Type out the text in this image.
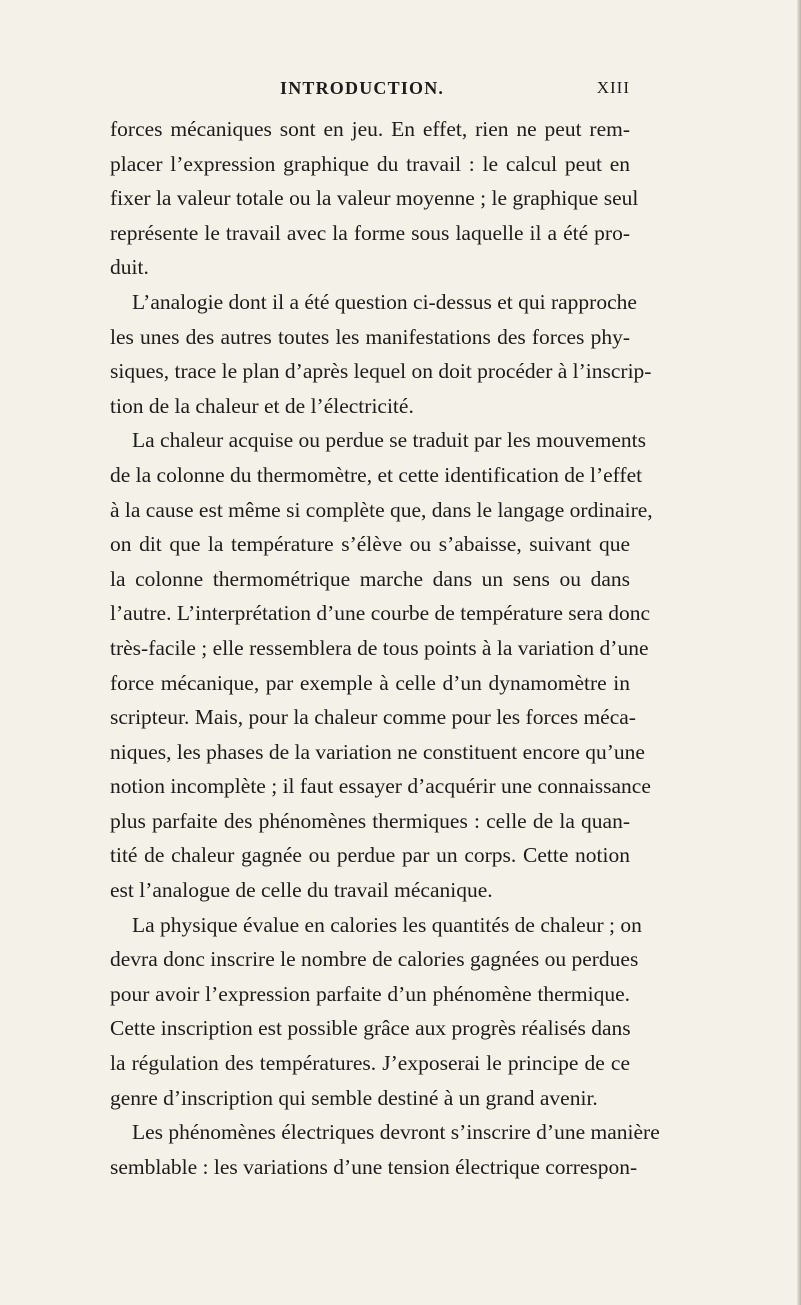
INTRODUCTION.	XIII
forces mécaniques sont en jeu. En effet, rien ne peut rem-
placer l’expression graphique du travail : le calcul peut en
fixer la valeur totale ou la valeur moyenne ; le graphique seul
représente le travail avec la forme sous laquelle il a été pro-
duit.
L’analogie dont il a été question ci-dessus et qui rapproche
les unes des autres toutes les manifestations des forces phy-
siques, trace le plan d’après lequel on doit procéder à l’inscrip-
tion de la chaleur et de l’électricité.
La chaleur acquise ou perdue se traduit par les mouvements
de la colonne du thermomètre, et cette identification de l’effet
à la cause est même si complète que, dans le langage ordinaire,
on dit que la température s’élève ou s’abaisse, suivant que
la colonne thermométrique marche dans un sens ou dans
l’autre. L’interprétation d’une courbe de température sera donc
très-facile ; elle ressemblera de tous points à la variation d’une
force mécanique, par exemple à celle d’un dynamomètre in
scripteur. Mais, pour la chaleur comme pour les forces méca-
niques, les phases de la variation ne constituent encore qu’une
notion incomplète ; il faut essayer d’acquérir une connaissance
plus parfaite des phénomènes thermiques : celle de la quan-
tité de chaleur gagnée ou perdue par un corps. Cette notion
est l’analogue de celle du travail mécanique.
La physique évalue en calories les quantités de chaleur ; on
devra donc inscrire le nombre de calories gagnées ou perdues
pour avoir l’expression parfaite d’un phénomène thermique.
Cette inscription est possible grâce aux progrès réalisés dans
la régulation des températures. J’exposerai le principe de ce
genre d’inscription qui semble destiné à un grand avenir.
Les phénomènes électriques devront s’inscrire d’une manière
semblable : les variations d’une tension électrique correspon-
